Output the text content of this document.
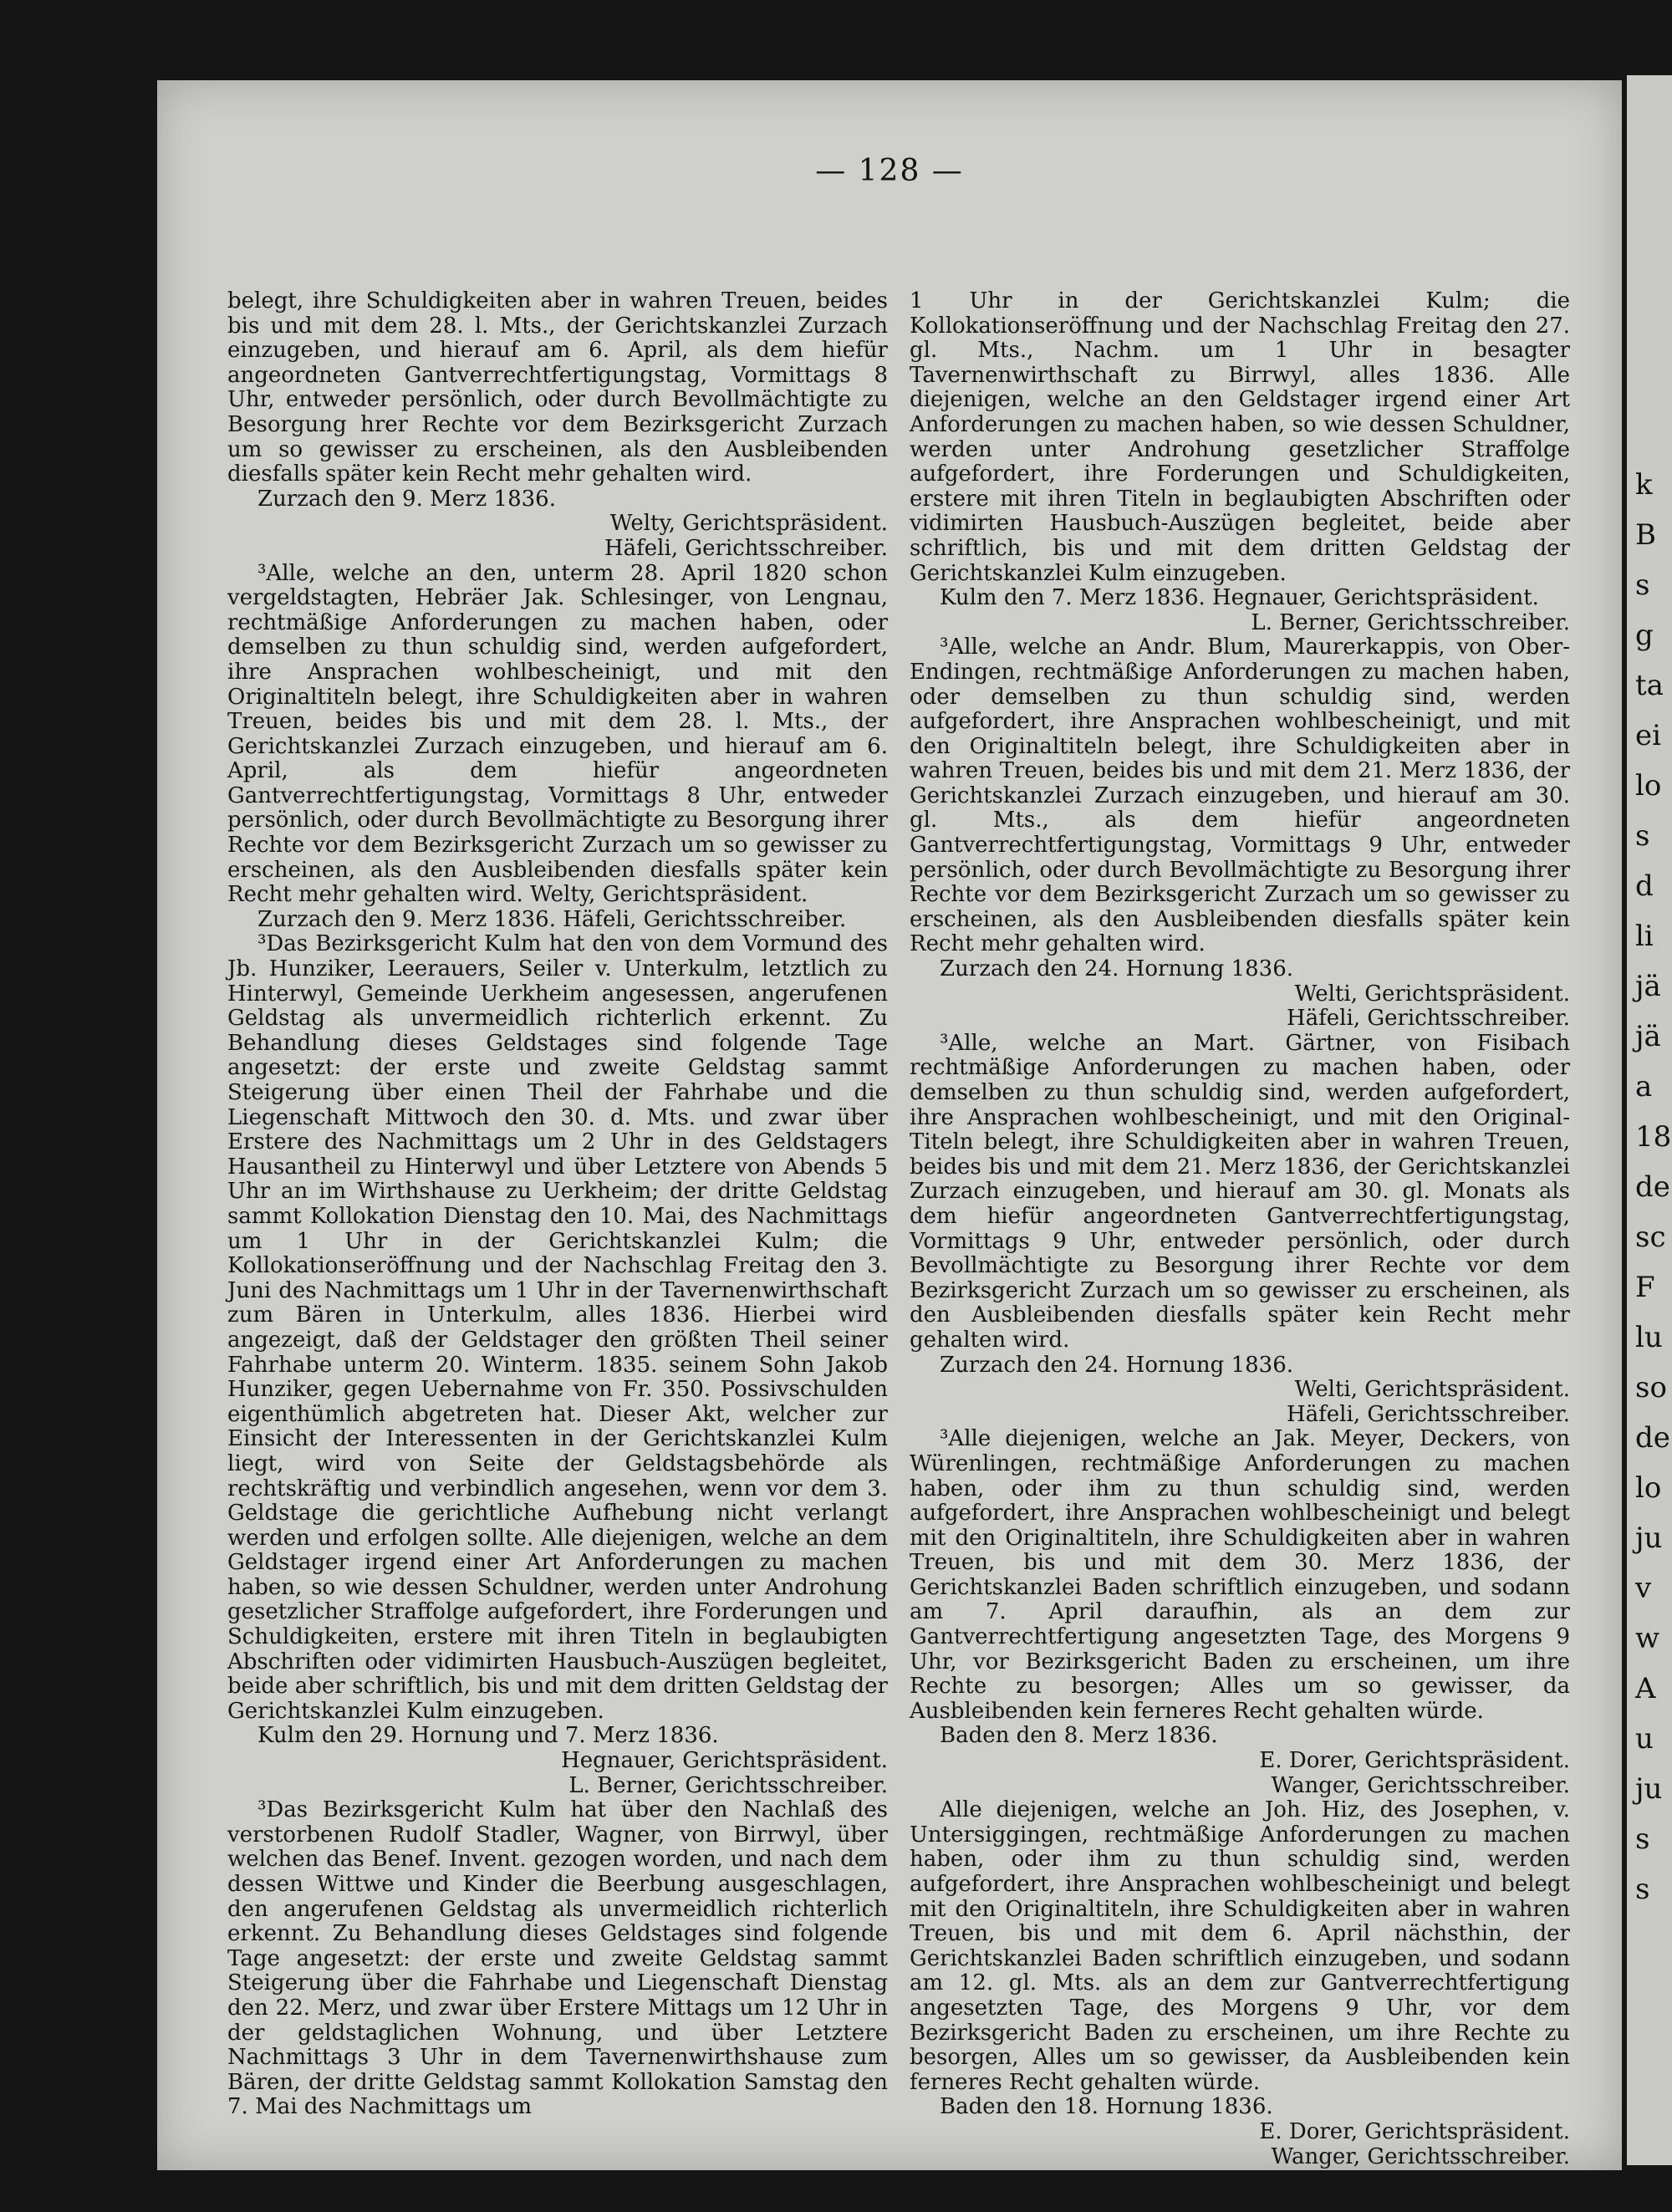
— 128 —

belegt, ihre Schuldigkeiten aber in wahren Treuen, beides bis und mit dem 28. l. Mts., der Gerichtskanzlei Zurzach einzugeben, und hierauf am 6. April, als dem hiefür angeordneten Gantverrechtfertigungstag, Vormittags 8 Uhr, entweder persönlich, oder durch Bevollmächtigte zu Besorgung hrer Rechte vor dem Bezirksgericht Zurzach um so gewisser zu erscheinen, als den Ausbleibenden diesfalls später kein Recht mehr gehalten wird.

Zurzach den 9. Merz 1836.

Welty, Gerichtspräsident.

Häfeli, Gerichtsschreiber.

³Alle, welche an den, unterm 28. April 1820 schon vergeldstagten, Hebräer Jak. Schlesinger, von Lengnau, rechtmäßige Anforderungen zu machen haben, oder demselben zu thun schuldig sind, werden aufgefordert, ihre Ansprachen wohlbescheinigt, und mit den Originaltiteln belegt, ihre Schuldigkeiten aber in wahren Treuen, beides bis und mit dem 28. l. Mts., der Gerichtskanzlei Zurzach einzugeben, und hierauf am 6. April, als dem hiefür angeordneten Gantverrechtfertigungstag, Vormittags 8 Uhr, entweder persönlich, oder durch Bevollmächtigte zu Besorgung ihrer Rechte vor dem Bezirksgericht Zurzach um so gewisser zu erscheinen, als den Ausbleibenden diesfalls später kein Recht mehr gehalten wird. Welty, Gerichtspräsident.

Zurzach den 9. Merz 1836. Häfeli, Gerichtsschreiber.

³Das Bezirksgericht Kulm hat den von dem Vormund des Jb. Hunziker, Leerauers, Seiler v. Unterkulm, letztlich zu Hinterwyl, Gemeinde Uerkheim angesessen, angerufenen Geldstag als unvermeidlich richterlich erkennt. Zu Behandlung dieses Geldstages sind folgende Tage angesetzt: der erste und zweite Geldstag sammt Steigerung über einen Theil der Fahrhabe und die Liegenschaft Mittwoch den 30. d. Mts. und zwar über Erstere des Nachmittags um 2 Uhr in des Geldstagers Hausantheil zu Hinterwyl und über Letztere von Abends 5 Uhr an im Wirthshause zu Uerkheim; der dritte Geldstag sammt Kollokation Dienstag den 10. Mai, des Nachmittags um 1 Uhr in der Gerichtskanzlei Kulm; die Kollokationseröffnung und der Nachschlag Freitag den 3. Juni des Nachmittags um 1 Uhr in der Tavernenwirthschaft zum Bären in Unterkulm, alles 1836. Hierbei wird angezeigt, daß der Geldstager den größten Theil seiner Fahrhabe unterm 20. Winterm. 1835. seinem Sohn Jakob Hunziker, gegen Uebernahme von Fr. 350. Possivschulden eigenthümlich abgetreten hat. Dieser Akt, welcher zur Einsicht der Interessenten in der Gerichtskanzlei Kulm liegt, wird von Seite der Geldstagsbehörde als rechtskräftig und verbindlich angesehen, wenn vor dem 3. Geldstage die gerichtliche Aufhebung nicht verlangt werden und erfolgen sollte. Alle diejenigen, welche an dem Geldstager irgend einer Art Anforderungen zu machen haben, so wie dessen Schuldner, werden unter Androhung gesetzlicher Straffolge aufgefordert, ihre Forderungen und Schuldigkeiten, erstere mit ihren Titeln in beglaubigten Abschriften oder vidimirten Hausbuch-Auszügen begleitet, beide aber schriftlich, bis und mit dem dritten Geldstag der Gerichtskanzlei Kulm einzugeben.

Kulm den 29. Hornung und 7. Merz 1836.

Hegnauer, Gerichtspräsident.

L. Berner, Gerichtsschreiber.

³Das Bezirksgericht Kulm hat über den Nachlaß des verstorbenen Rudolf Stadler, Wagner, von Birrwyl, über welchen das Benef. Invent. gezogen worden, und nach dem dessen Wittwe und Kinder die Beerbung ausgeschlagen, den angerufenen Geldstag als unvermeidlich richterlich erkennt. Zu Behandlung dieses Geldstages sind folgende Tage angesetzt: der erste und zweite Geldstag sammt Steigerung über die Fahrhabe und Liegenschaft Dienstag den 22. Merz, und zwar über Erstere Mittags um 12 Uhr in der geldstaglichen Wohnung, und über Letztere Nachmittags 3 Uhr in dem Tavernenwirthshause zum Bären, der dritte Geldstag sammt Kollokation Samstag den 7. Mai des Nachmittags um

1 Uhr in der Gerichtskanzlei Kulm; die Kollokationseröffnung und der Nachschlag Freitag den 27. gl. Mts., Nachm. um 1 Uhr in besagter Tavernenwirthschaft zu Birrwyl, alles 1836. Alle diejenigen, welche an den Geldstager irgend einer Art Anforderungen zu machen haben, so wie dessen Schuldner, werden unter Androhung gesetzlicher Straffolge aufgefordert, ihre Forderungen und Schuldigkeiten, erstere mit ihren Titeln in beglaubigten Abschriften oder vidimirten Hausbuch-Auszügen begleitet, beide aber schriftlich, bis und mit dem dritten Geldstag der Gerichtskanzlei Kulm einzugeben.

Kulm den 7. Merz 1836. Hegnauer, Gerichtspräsident.

L. Berner, Gerichtsschreiber.

³Alle, welche an Andr. Blum, Maurerkappis, von Ober-Endingen, rechtmäßige Anforderungen zu machen haben, oder demselben zu thun schuldig sind, werden aufgefordert, ihre Ansprachen wohlbescheinigt, und mit den Originaltiteln belegt, ihre Schuldigkeiten aber in wahren Treuen, beides bis und mit dem 21. Merz 1836, der Gerichtskanzlei Zurzach einzugeben, und hierauf am 30. gl. Mts., als dem hiefür angeordneten Gantverrechtfertigungstag, Vormittags 9 Uhr, entweder persönlich, oder durch Bevollmächtigte zu Besorgung ihrer Rechte vor dem Bezirksgericht Zurzach um so gewisser zu erscheinen, als den Ausbleibenden diesfalls später kein Recht mehr gehalten wird.

Zurzach den 24. Hornung 1836.

Welti, Gerichtspräsident.

Häfeli, Gerichtsschreiber.

³Alle, welche an Mart. Gärtner, von Fisibach rechtmäßige Anforderungen zu machen haben, oder demselben zu thun schuldig sind, werden aufgefordert, ihre Ansprachen wohlbescheinigt, und mit den Original-Titeln belegt, ihre Schuldigkeiten aber in wahren Treuen, beides bis und mit dem 21. Merz 1836, der Gerichtskanzlei Zurzach einzugeben, und hierauf am 30. gl. Monats als dem hiefür angeordneten Gantverrechtfertigungstag, Vormittags 9 Uhr, entweder persönlich, oder durch Bevollmächtigte zu Besorgung ihrer Rechte vor dem Bezirksgericht Zurzach um so gewisser zu erscheinen, als den Ausbleibenden diesfalls später kein Recht mehr gehalten wird.

Zurzach den 24. Hornung 1836.

Welti, Gerichtspräsident.

Häfeli, Gerichtsschreiber.

³Alle diejenigen, welche an Jak. Meyer, Deckers, von Würenlingen, rechtmäßige Anforderungen zu machen haben, oder ihm zu thun schuldig sind, werden aufgefordert, ihre Ansprachen wohlbescheinigt und belegt mit den Originaltiteln, ihre Schuldigkeiten aber in wahren Treuen, bis und mit dem 30. Merz 1836, der Gerichtskanzlei Baden schriftlich einzugeben, und sodann am 7. April daraufhin, als an dem zur Gantverrechtfertigung angesetzten Tage, des Morgens 9 Uhr, vor Bezirksgericht Baden zu erscheinen, um ihre Rechte zu besorgen; Alles um so gewisser, da Ausbleibenden kein ferneres Recht gehalten würde.

Baden den 8. Merz 1836.

E. Dorer, Gerichtspräsident.

Wanger, Gerichtsschreiber.

Alle diejenigen, welche an Joh. Hiz, des Josephen, v. Untersiggingen, rechtmäßige Anforderungen zu machen haben, oder ihm zu thun schuldig sind, werden aufgefordert, ihre Ansprachen wohlbescheinigt und belegt mit den Originaltiteln, ihre Schuldigkeiten aber in wahren Treuen, bis und mit dem 6. April nächsthin, der Gerichtskanzlei Baden schriftlich einzugeben, und sodann am 12. gl. Mts. als an dem zur Gantverrechtfertigung angesetzten Tage, des Morgens 9 Uhr, vor dem Bezirksgericht Baden zu erscheinen, um ihre Rechte zu besorgen, Alles um so gewisser, da Ausbleibenden kein ferneres Recht gehalten würde.

Baden den 18. Hornung 1836.

E. Dorer, Gerichtspräsident.

Wanger, Gerichtsschreiber.

k
B
s
g
ta
ei
lo
s
d
li
jä
jä
a
18
de
sc
F
lu
so
de
lo
ju
v
w
A
u
ju
s
s
